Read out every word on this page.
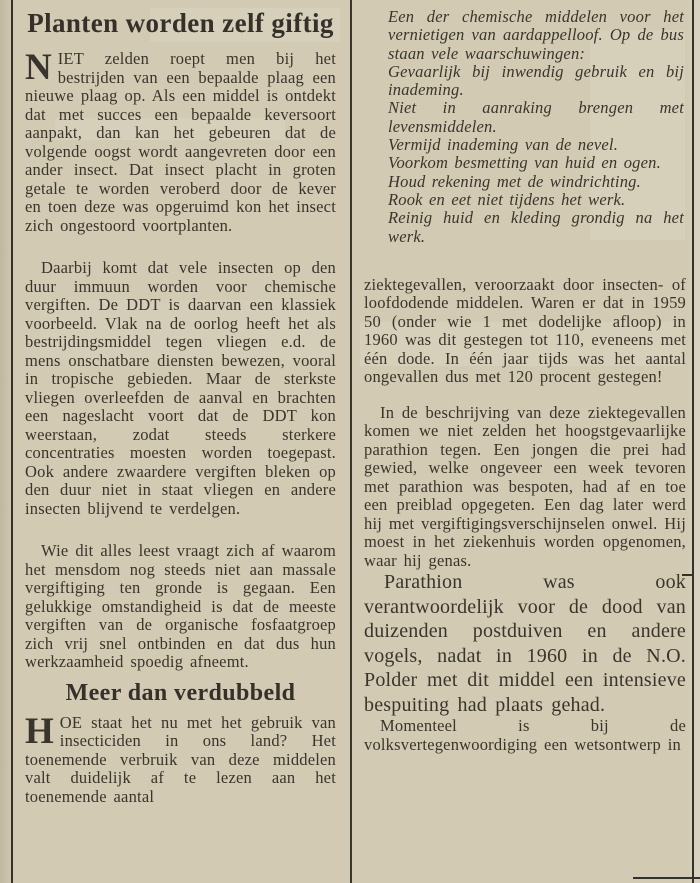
Planten worden zelf giftig

NIET zelden roept men bij het bestrijden van een bepaalde plaag een nieuwe plaag op. Als een middel is ontdekt dat met succes een bepaalde keversoort aanpakt, dan kan het gebeuren dat de volgende oogst wordt aangevreten door een ander insect. Dat insect placht in groten getale te worden veroberd door de kever en toen deze was opgeruimd kon het insect zich ongestoord voortplanten.

Daarbij komt dat vele insecten op den duur immuun worden voor chemische vergiften. De DDT is daarvan een klassiek voorbeeld. Vlak na de oorlog heeft het als bestrijdingsmiddel tegen vliegen e.d. de mens onschatbare diensten bewezen, vooral in tropische gebieden. Maar de sterkste vliegen overleefden de aanval en brachten een nageslacht voort dat de DDT kon weerstaan, zodat steeds sterkere concentraties moesten worden toegepast. Ook andere zwaardere vergiften bleken op den duur niet in staat vliegen en andere insecten blijvend te verdelgen.

Wie dit alles leest vraagt zich af waarom het mensdom nog steeds niet aan massale vergiftiging ten gronde is gegaan. Een gelukkige omstandigheid is dat de meeste vergiften van de organische fosfaatgroep zich vrij snel ontbinden en dat dus hun werkzaamheid spoedig afneemt.

Meer dan verdubbeld

HOE staat het nu met het gebruik van insecticiden in ons land? Het toenemende verbruik van deze middelen valt duidelijk af te lezen aan het toenemende aantal

Een der chemische middelen voor het vernietigen van aardappelloof. Op de bus staan vele waarschuwingen:

Gevaarlijk bij inwendig gebruik en bij inademing.

Niet in aanraking brengen met levensmiddelen.

Vermijd inademing van de nevel.

Voorkom besmetting van huid en ogen.

Houd rekening met de windrichting.

Rook en eet niet tijdens het werk.

Reinig huid en kleding grondig na het werk.

ziektegevallen, veroorzaakt door insecten- of loofdodende middelen. Waren er dat in 1959 50 (onder wie 1 met dodelijke afloop) in 1960 was dit gestegen tot 110, eveneens met één dode. In één jaar tijds was het aantal ongevallen dus met 120 procent gestegen!

In de beschrijving van deze ziektegevallen komen we niet zelden het hoogstgevaarlijke parathion tegen. Een jongen die prei had gewied, welke ongeveer een week tevoren met parathion was bespoten, had af en toe een preiblad opgegeten. Een dag later werd hij met vergiftigingsverschijnselen onwel. Hij moest in het ziekenhuis worden opgenomen, waar hij genas.

Parathion was ook verantwoordelijk voor de dood van duizenden postduiven en andere vogels, nadat in 1960 in de N.O. Polder met dit middel een intensieve bespuiting had plaats gehad.

Momenteel is bij de volksvertegenwoordiging een wetsontwerp in
